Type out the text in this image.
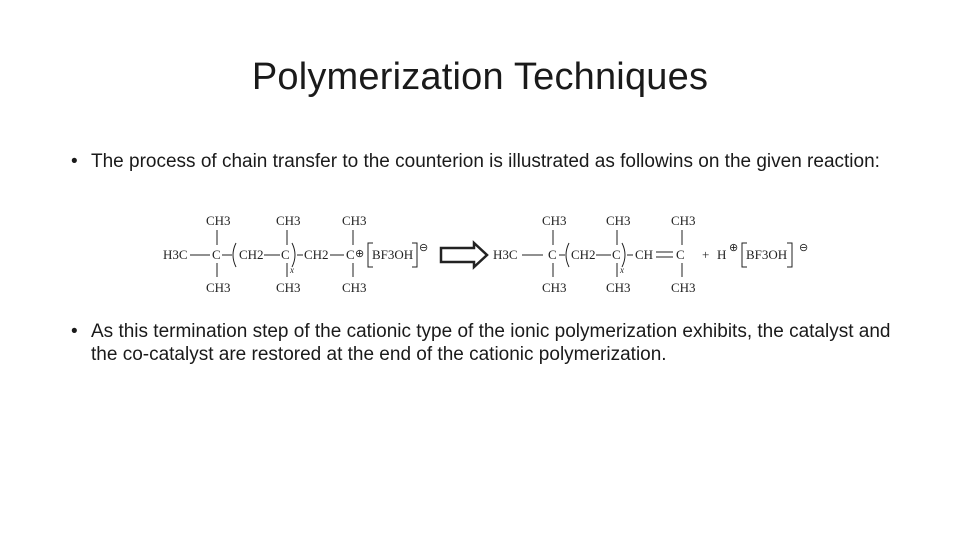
Polymerization Techniques
• The process of chain transfer to the counterion is illustrated as followins on the given reaction:
CH3	CH3	CH3
H3C C CH2 C
x
CH2 C ⊕ BF3OH ⊖
CH3	CH3	CH3
CH3	CH3	CH3
H3C C CH2 C
x
CH C + H ⊕ BF3OH ⊖
CH3	CH3	CH3
• As this termination step of the cationic type of the ionic polymerization exhibits, the catalyst and the co-catalyst are restored at the end of the cationic polymerization.
